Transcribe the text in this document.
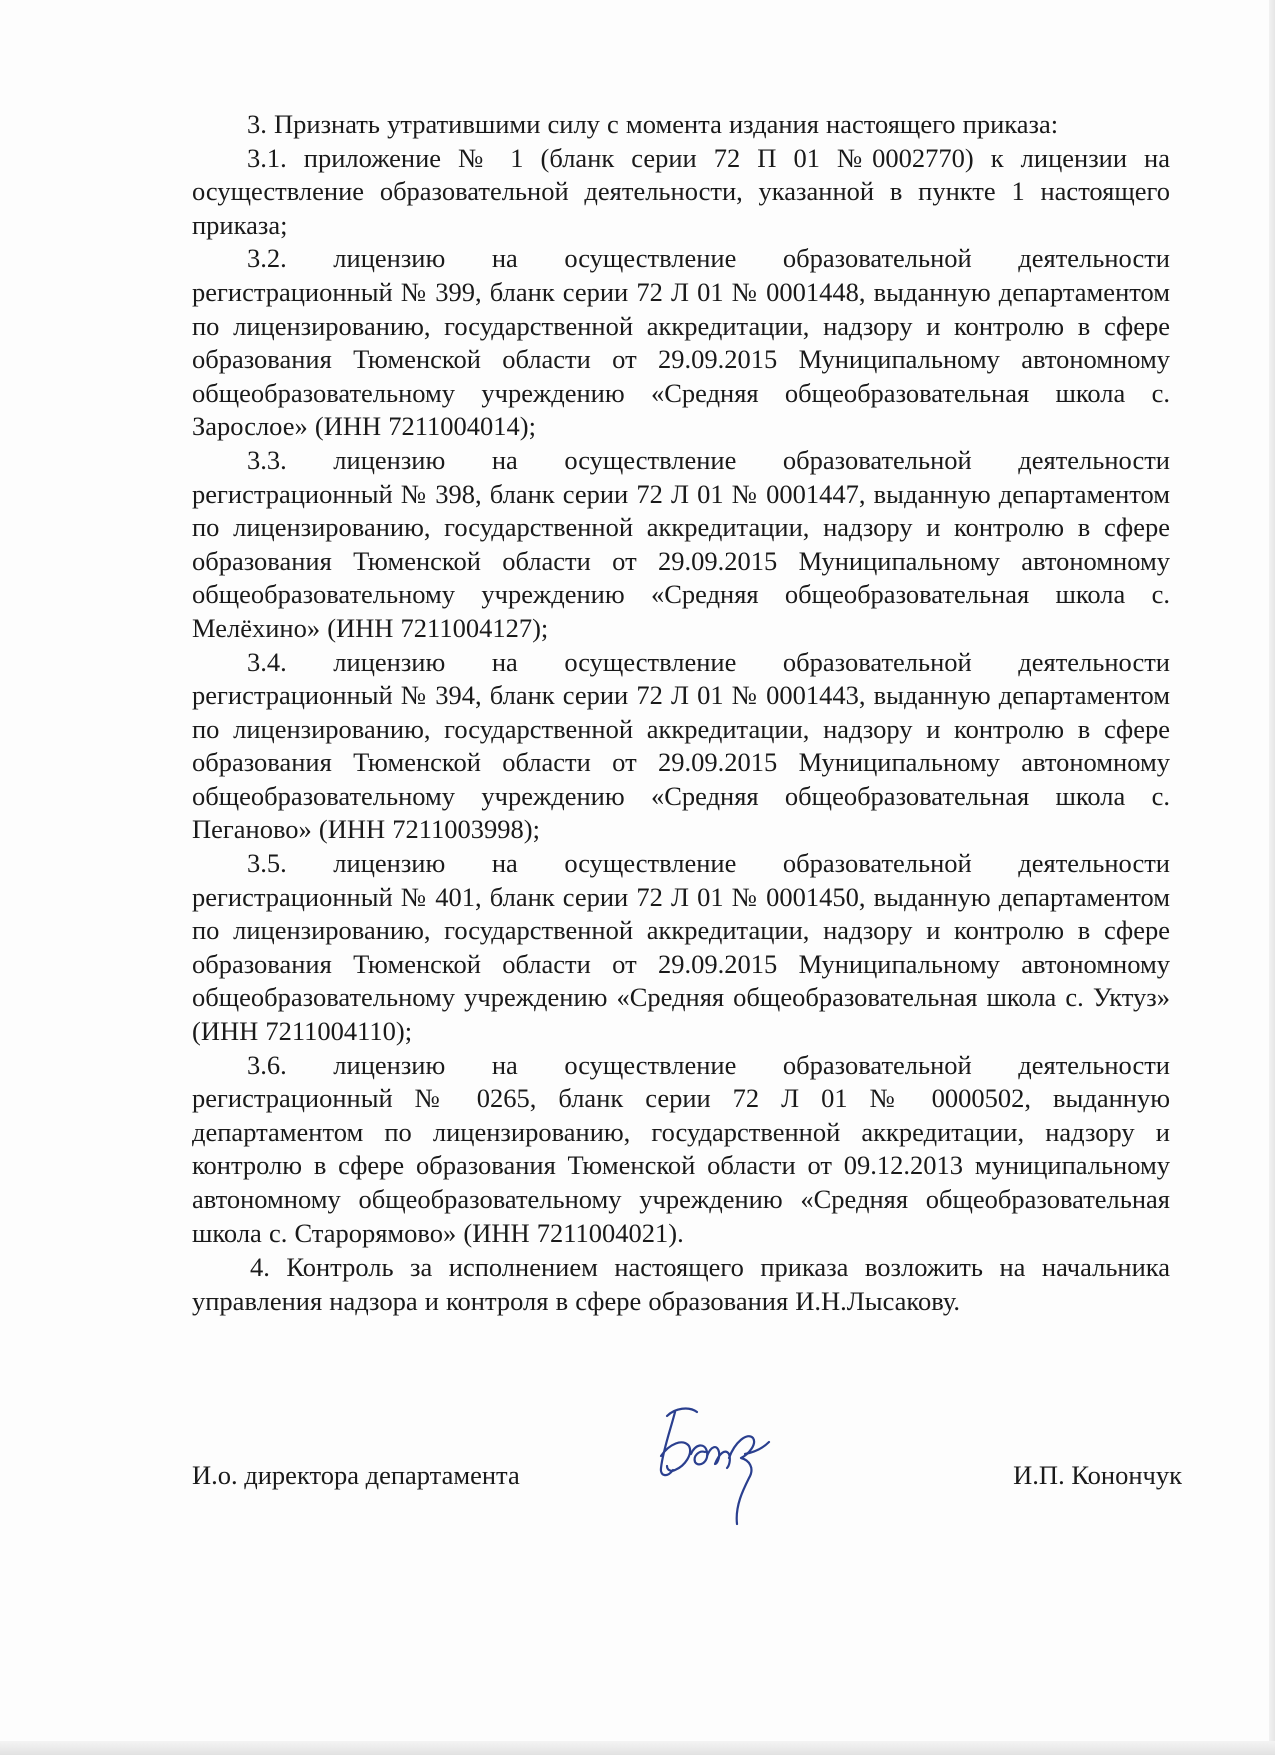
3. Признать утратившими силу с момента издания настоящего приказа:

3.1. приложение № 1 (бланк серии 72 П 01 №0002770) к лицензии на осуществление образовательной деятельности, указанной в пункте 1 настоящего приказа;

3.2. лицензию на осуществление образовательной деятельности регистрационный № 399, бланк серии 72 Л 01 № 0001448, выданную департаментом по лицензированию, государственной аккредитации, надзору и контролю в сфере образования Тюменской области от 29.09.2015 Муниципальному автономному общеобразовательному учреждению «Средняя общеобразовательная школа с. Зарослое» (ИНН 7211004014);

3.3. лицензию на осуществление образовательной деятельности регистрационный № 398, бланк серии 72 Л 01 № 0001447, выданную департаментом по лицензированию, государственной аккредитации, надзору и контролю в сфере образования Тюменской области от 29.09.2015 Муниципальному автономному общеобразовательному учреждению «Средняя общеобразовательная школа с. Мелёхино» (ИНН 7211004127);

3.4. лицензию на осуществление образовательной деятельности регистрационный № 394, бланк серии 72 Л 01 № 0001443, выданную департаментом по лицензированию, государственной аккредитации, надзору и контролю в сфере образования Тюменской области от 29.09.2015 Муниципальному автономному общеобразовательному учреждению «Средняя общеобразовательная школа с. Пеганово» (ИНН 7211003998);

3.5. лицензию на осуществление образовательной деятельности регистрационный № 401, бланк серии 72 Л 01 № 0001450, выданную департаментом по лицензированию, государственной аккредитации, надзору и контролю в сфере образования Тюменской области от 29.09.2015 Муниципальному автономному общеобразовательному учреждению «Средняя общеобразовательная школа с. Уктуз» (ИНН 7211004110);

3.6. лицензию на осуществление образовательной деятельности регистрационный № 0265, бланк серии 72 Л 01 № 0000502, выданную департаментом по лицензированию, государственной аккредитации, надзору и контролю в сфере образования Тюменской области от 09.12.2013 муниципальному автономному общеобразовательному учреждению «Средняя общеобразовательная школа с. Старорямово» (ИНН 7211004021).

4. Контроль за исполнением настоящего приказа возложить на начальника управления надзора и контроля в сфере образования И.Н.Лысакову.

И.о. директора департамента	И.П. Конончук
